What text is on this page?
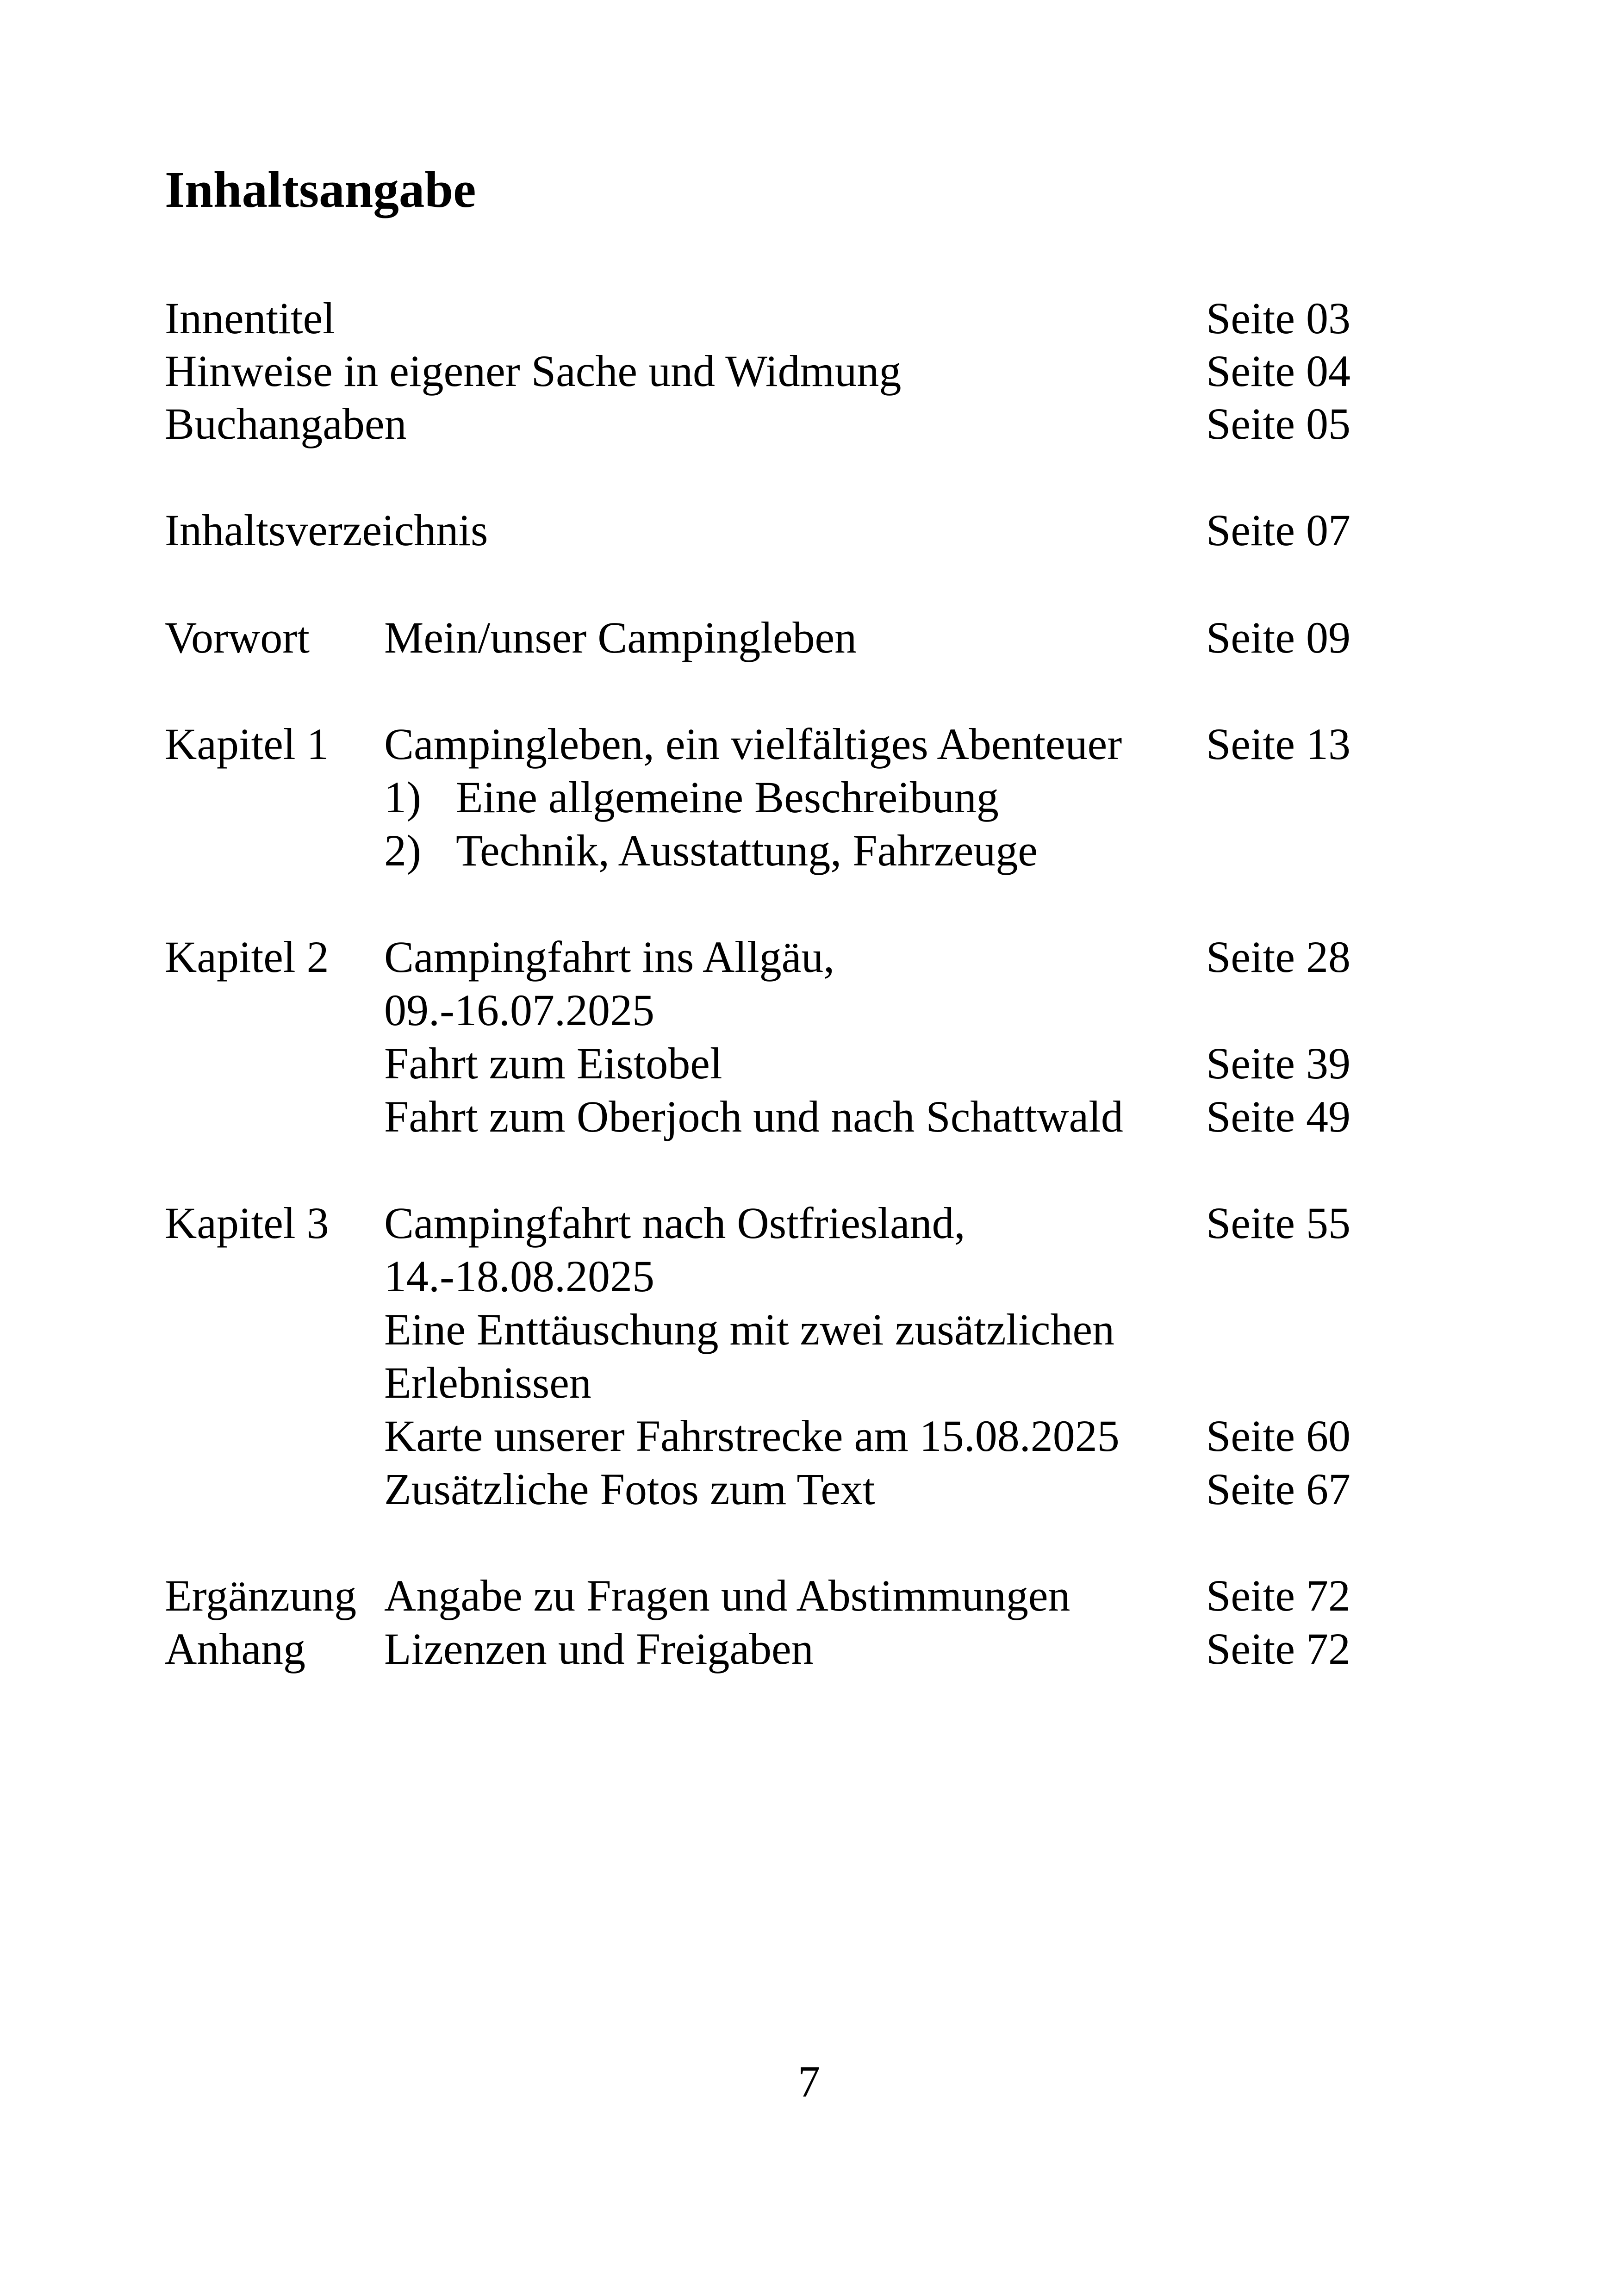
Inhaltsangabe
Innentitel	Seite 03
Hinweise in eigener Sache und Widmung	Seite 04
Buchangaben	Seite 05
Inhaltsverzeichnis	Seite 07
Vorwort Mein/unser Campingleben	Seite 09
Kapitel 1 Campingleben, ein vielfältiges Abenteuer Seite 13
1) Eine allgemeine Beschreibung
2) Technik, Ausstattung, Fahrzeuge
Kapitel 2 Campingfahrt ins Allgäu,	Seite 28
09.-16.07.2025
Fahrt zum Eistobel	Seite 39
Fahrt zum Oberjoch und nach Schattwald Seite 49
Kapitel 3 Campingfahrt nach Ostfriesland,	Seite 55
14.-18.08.2025
Eine Enttäuschung mit zwei zusätzlichen
Erlebnissen
Karte unserer Fahrstrecke am 15.08.2025 Seite 60
Zusätzliche Fotos zum Text	Seite 67
Ergänzung Angabe zu Fragen und Abstimmungen	Seite 72
Anhang Lizenzen und Freigaben	Seite 72
7
